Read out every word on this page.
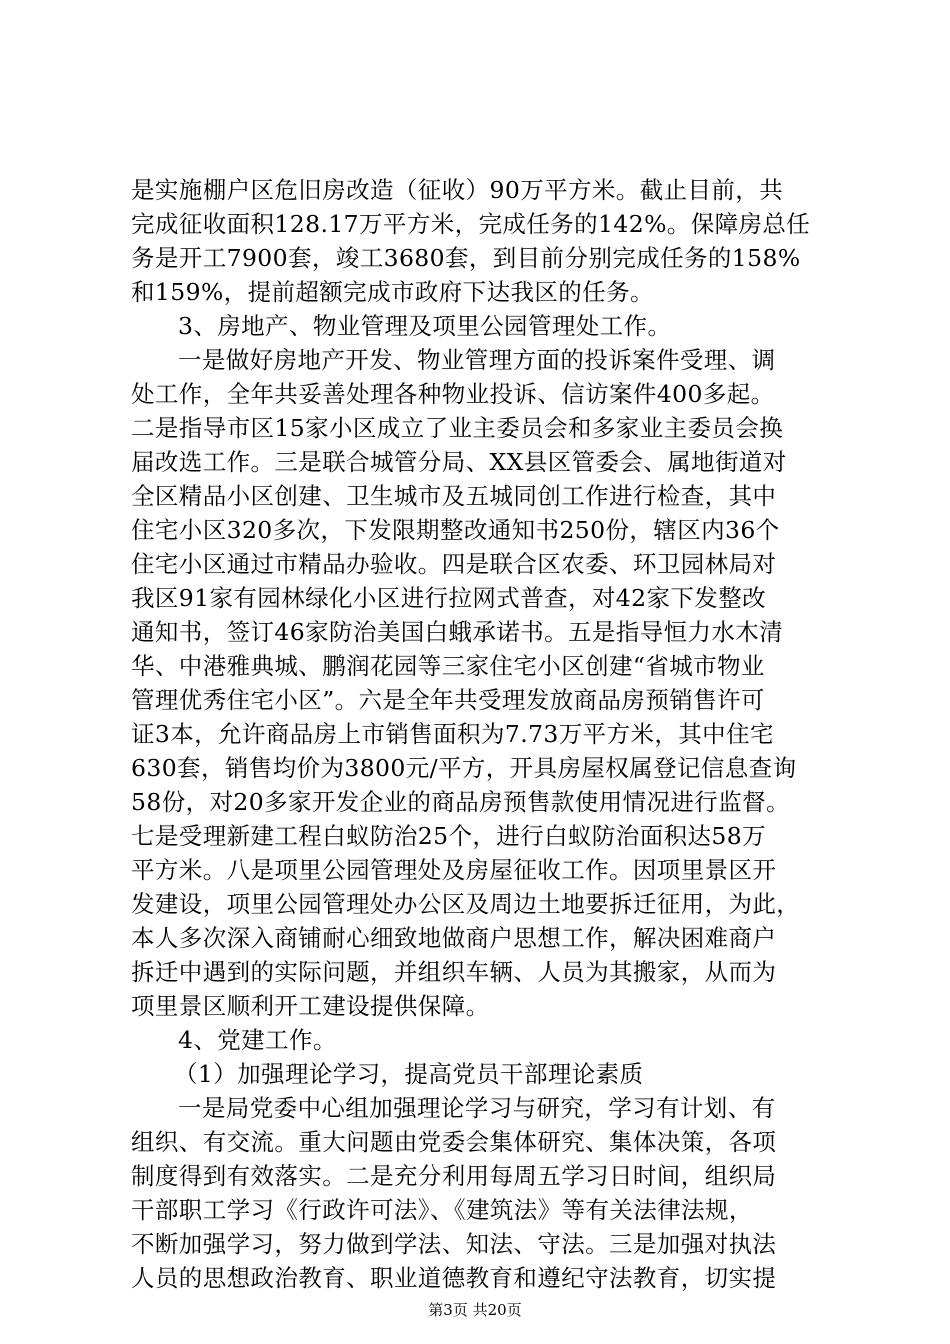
是实施棚户区危旧房改造（征收）90万平方米。截止目前，共
完成征收面积128.17万平方米，完成任务的142%。保障房总任
务是开工7900套，竣工3680套，到目前分别完成任务的158%
和159%，提前超额完成市政府下达我区的任务。
3、房地产、物业管理及项里公园管理处工作。
一是做好房地产开发、物业管理方面的投诉案件受理、调
处工作，全年共妥善处理各种物业投诉、信访案件400多起。
二是指导市区15家小区成立了业主委员会和多家业主委员会换
届改选工作。三是联合城管分局、XX县区管委会、属地街道对
全区精品小区创建、卫生城市及五城同创工作进行检查，其中
住宅小区320多次，下发限期整改通知书250份，辖区内36个
住宅小区通过市精品办验收。四是联合区农委、环卫园林局对
我区91家有园林绿化小区进行拉网式普查，对42家下发整改
通知书，签订46家防治美国白蛾承诺书。五是指导恒力水木清
华、中港雅典城、鹏润花园等三家住宅小区创建“省城市物业
管理优秀住宅小区”。六是全年共受理发放商品房预销售许可
证3本，允许商品房上市销售面积为7.73万平方米，其中住宅
630套，销售均价为3800元/平方，开具房屋权属登记信息查询
58份，对20多家开发企业的商品房预售款使用情况进行监督。
七是受理新建工程白蚁防治25个，进行白蚁防治面积达58万
平方米。八是项里公园管理处及房屋征收工作。因项里景区开
发建设，项里公园管理处办公区及周边土地要拆迁征用，为此，
本人多次深入商铺耐心细致地做商户思想工作，解决困难商户
拆迁中遇到的实际问题，并组织车辆、人员为其搬家，从而为
项里景区顺利开工建设提供保障。
4、党建工作。
（1）加强理论学习，提高党员干部理论素质
一是局党委中心组加强理论学习与研究，学习有计划、有
组织、有交流。重大问题由党委会集体研究、集体决策，各项
制度得到有效落实。二是充分利用每周五学习日时间，组织局
干部职工学习《行政许可法》、《建筑法》等有关法律法规，
不断加强学习，努力做到学法、知法、守法。三是加强对执法
人员的思想政治教育、职业道德教育和遵纪守法教育，切实提
第3页 共20页
